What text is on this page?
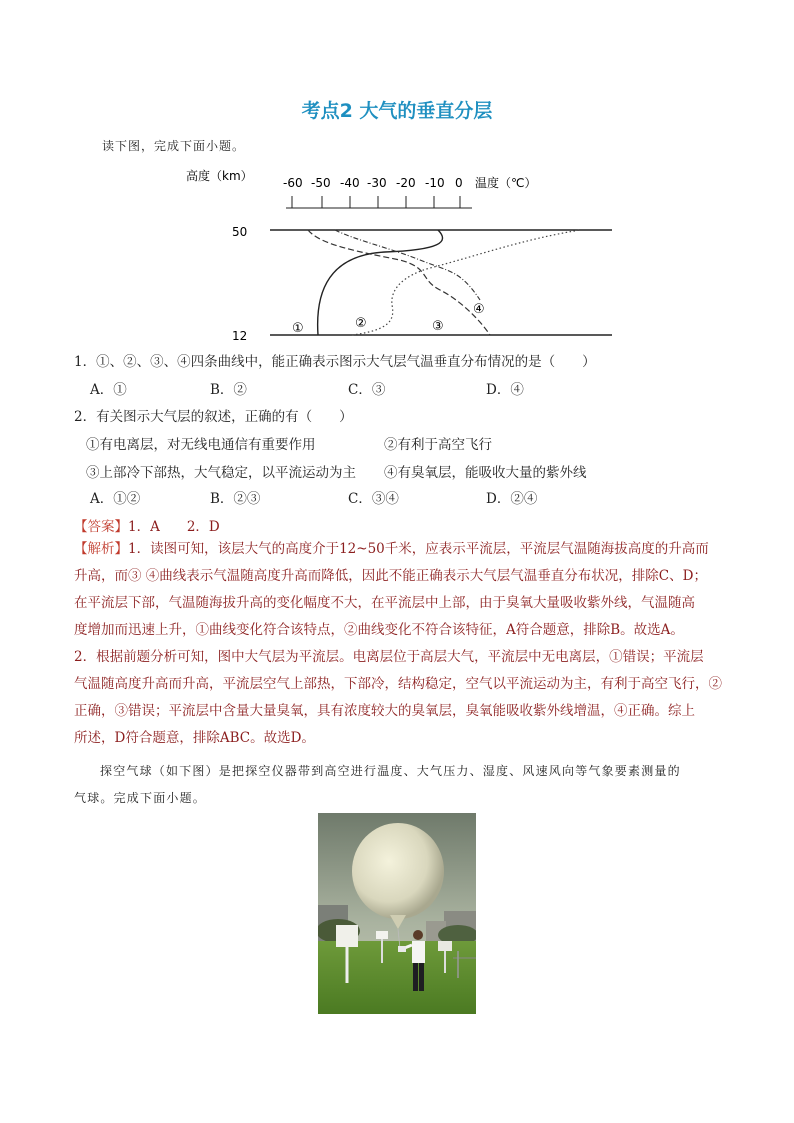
考点2 大气的垂直分层
读下图，完成下面小题。
高度（km）	温度（℃）
-60 -50 -40 -30 -20 -10 0
50
12	①	②	③
④
1．①、②、③、④四条曲线中，能正确表示图示大气层气温垂直分布情况的是（　　）
A．①	B．②	C．③	D．④
2．有关图示大气层的叙述，正确的有（　　）
①有电离层，对无线电通信有重要作用	②有利于高空飞行
③上部冷下部热，大气稳定，以平流运动为主 ④有臭氧层，能吸收大量的紫外线
A．①②	B．②③	C．③④	D．②④
【答案】1．A　　2．D
【解析】1．读图可知，该层大气的高度介于12~50千米，应表示平流层，平流层气温随海拔高度的升高而
升高，而③ ④曲线表示气温随高度升高而降低，因此不能正确表示大气层气温垂直分布状况，排除C、D；
在平流层下部，气温随海拔升高的变化幅度不大，在平流层中上部，由于臭氧大量吸收紫外线，气温随高
度增加而迅速上升，①曲线变化符合该特点，②曲线变化不符合该特征，A符合题意，排除B。故选A。
2．根据前题分析可知，图中大气层为平流层。电离层位于高层大气，平流层中无电离层，①错误；平流层
气温随高度升高而升高，平流层空气上部热，下部冷，结构稳定，空气以平流运动为主，有利于高空飞行，②
正确，③错误；平流层中含量大量臭氧，具有浓度较大的臭氧层，臭氧能吸收紫外线增温，④正确。综上
所述，D符合题意，排除ABC。故选D。
探空气球（如下图）是把探空仪器带到高空进行温度、大气压力、湿度、风速风向等气象要素测量的
气球。完成下面小题。
